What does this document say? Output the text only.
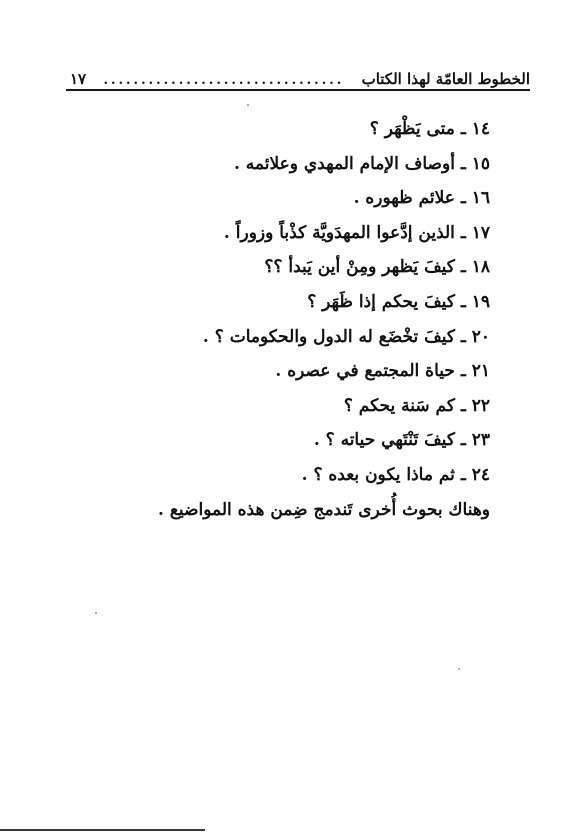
الخطوط العامّة لهذا الكتاب
................................
١٧
١٤ ـ متى يَظْهَر ؟
١٥ ـ أوصاف الإمام المهدي وعلائمه .
١٦ ـ علائم ظهوره .
١٧ ـ الذين إدَّعوا المهدَويَّة كذْباً وزوراً .
١٨ ـ كيفَ يَظهر ومِنْ أين يَبدأ ؟؟
١٩ ـ كيفَ يحكم إذا ظَهَر ؟
٢٠ ـ كيفَ تخْضَع له الدول والحكومات ؟ .
٢١ ـ حياة المجتمع في عصره .
٢٢ ـ كم سَنة يحكم ؟
٢٣ ـ كيفَ تَنْتَهي حياته ؟ .
٢٤ ـ ثم ماذا يكون بعده ؟ .
وهناك بحوث أُخرى تَندمج ضِمن هذه المواضيع .
